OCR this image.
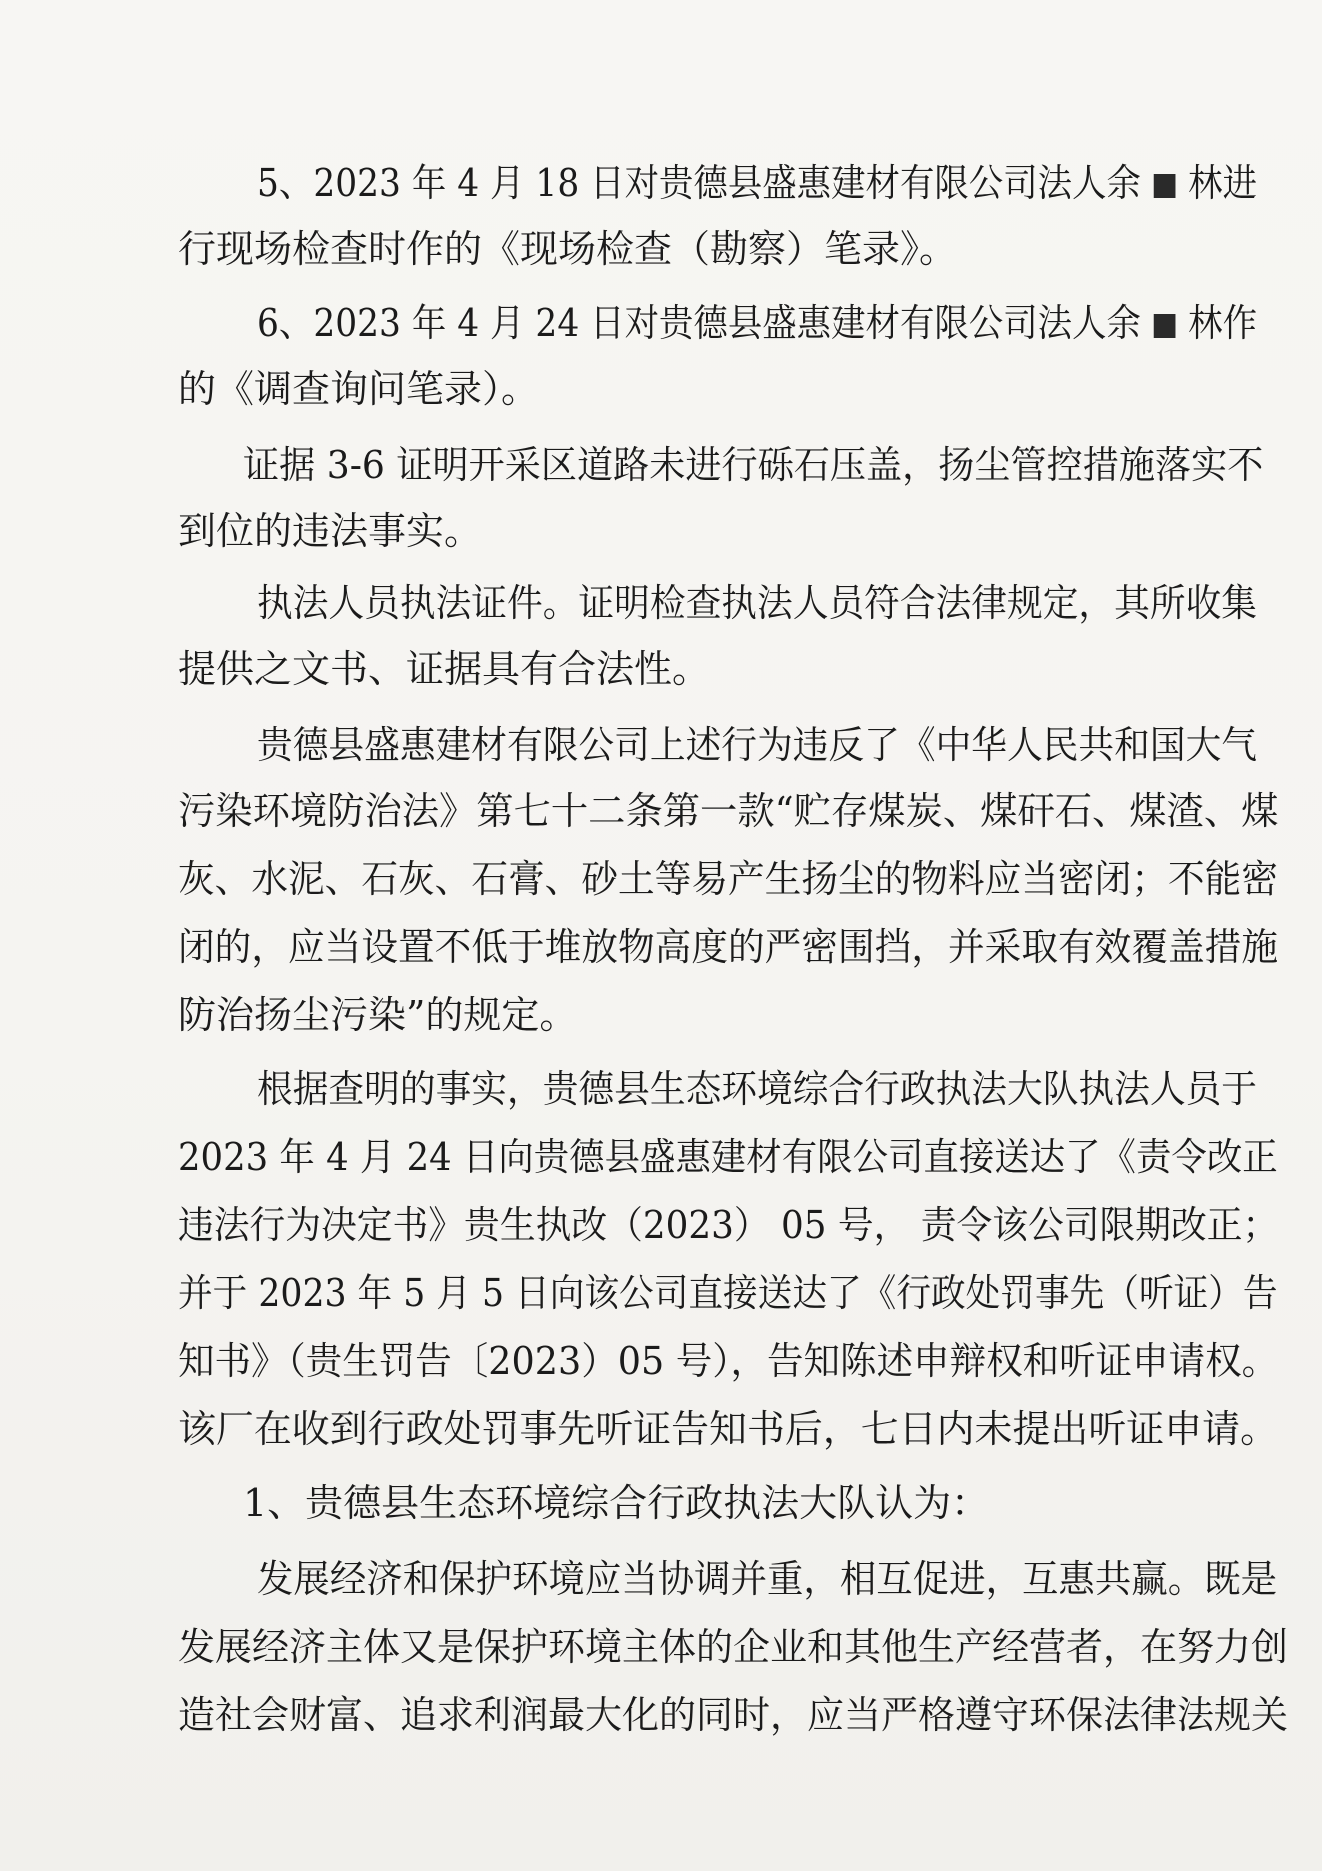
5、2023 年 4 月 18 日对贵德县盛惠建材有限公司法人余  林进
行现场检查时作的《现场检查（勘察）笔录》。
6、2023 年 4 月 24 日对贵德县盛惠建材有限公司法人余  林作
的《调查询问笔录）。
证据 3-6 证明开采区道路未进行砾石压盖，扬尘管控措施落实不
到位的违法事实。
执法人员执法证件。证明检查执法人员符合法律规定，其所收集
提供之文书、证据具有合法性。
贵德县盛惠建材有限公司上述行为违反了《中华人民共和国大气
污染环境防治法》第七十二条第一款“贮存煤炭、煤矸石、煤渣、煤
灰、水泥、石灰、石膏、砂土等易产生扬尘的物料应当密闭；不能密
闭的，应当设置不低于堆放物高度的严密围挡，并采取有效覆盖措施
防治扬尘污染”的规定。
根据查明的事实，贵德县生态环境综合行政执法大队执法人员于
2023 年 4 月 24 日向贵德县盛惠建材有限公司直接送达了《责令改正
违法行为决定书》贵生执改（2023） 05 号， 责令该公司限期改正；
并于 2023 年 5 月 5 日向该公司直接送达了《行政处罚事先（听证）告
知书》（贵生罚告〔2023）05 号），告知陈述申辩权和听证申请权。
该厂在收到行政处罚事先听证告知书后，七日内未提出听证申请。
1、贵德县生态环境综合行政执法大队认为：
发展经济和保护环境应当协调并重，相互促进，互惠共赢。既是
发展经济主体又是保护环境主体的企业和其他生产经营者，在努力创
造社会财富、追求利润最大化的同时，应当严格遵守环保法律法规关
